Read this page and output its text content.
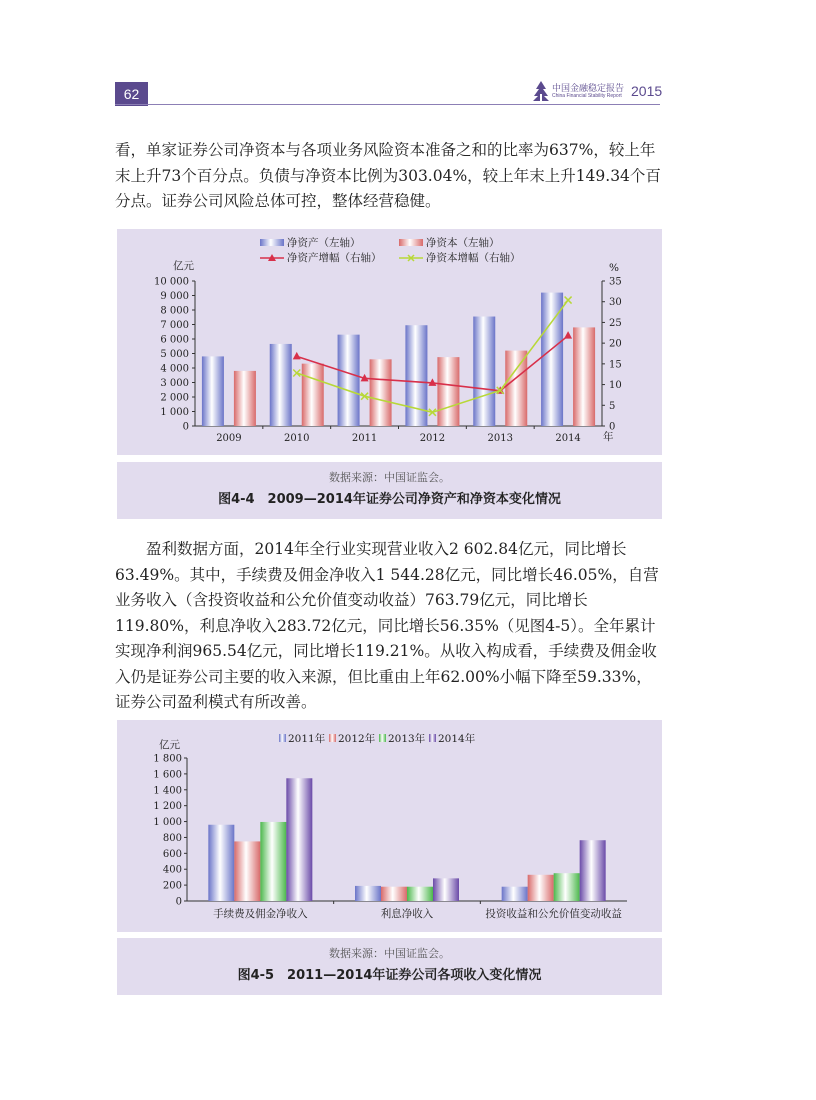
62	中国金融稳定报告
China Financial Stability Report 2015

看，单家证券公司净资本与各项业务风险资本准备之和的比率为637%，较上年末上升73个百分点。负债与净资本比例为303.04%，较上年末上升149.34个百分点。证券公司风险总体可控，整体经营稳健。

0
1 000
2 000
3 000
4 000
5 000
6 000
7 000
8 000
9 000
10 000
0
5
10
15
20
25
30
35
亿元	%
年
2009	2010	2011	2012	2013	2014
净资产（左轴）	净资本（左轴）
净资产增幅（右轴）	净资本增幅（右轴）
数据来源：中国证监会。
图4-4　2009—2014年证券公司净资产和净资本变化情况

盈利数据方面，2014年全行业实现营业收入2 602.84亿元，同比增长63.49%。其中，手续费及佣金净收入1 544.28亿元，同比增长46.05%，自营业务收入（含投资收益和公允价值变动收益）763.79亿元，同比增长119.80%，利息净收入283.72亿元，同比增长56.35%（见图4-5）。全年累计实现净利润965.54亿元，同比增长119.21%。从收入构成看，手续费及佣金收入仍是证券公司主要的收入来源，但比重由上年62.00%小幅下降至59.33%，证券公司盈利模式有所改善。

0
200
400
600
800
1 000
1 200
1 400
1 600
1 800
亿元
手续费及佣金净收入	利息净收入	投资收益和公允价值变动收益
2011年 2012年 2013年 2014年
数据来源：中国证监会。
图4-5　2011—2014年证券公司各项收入变化情况
